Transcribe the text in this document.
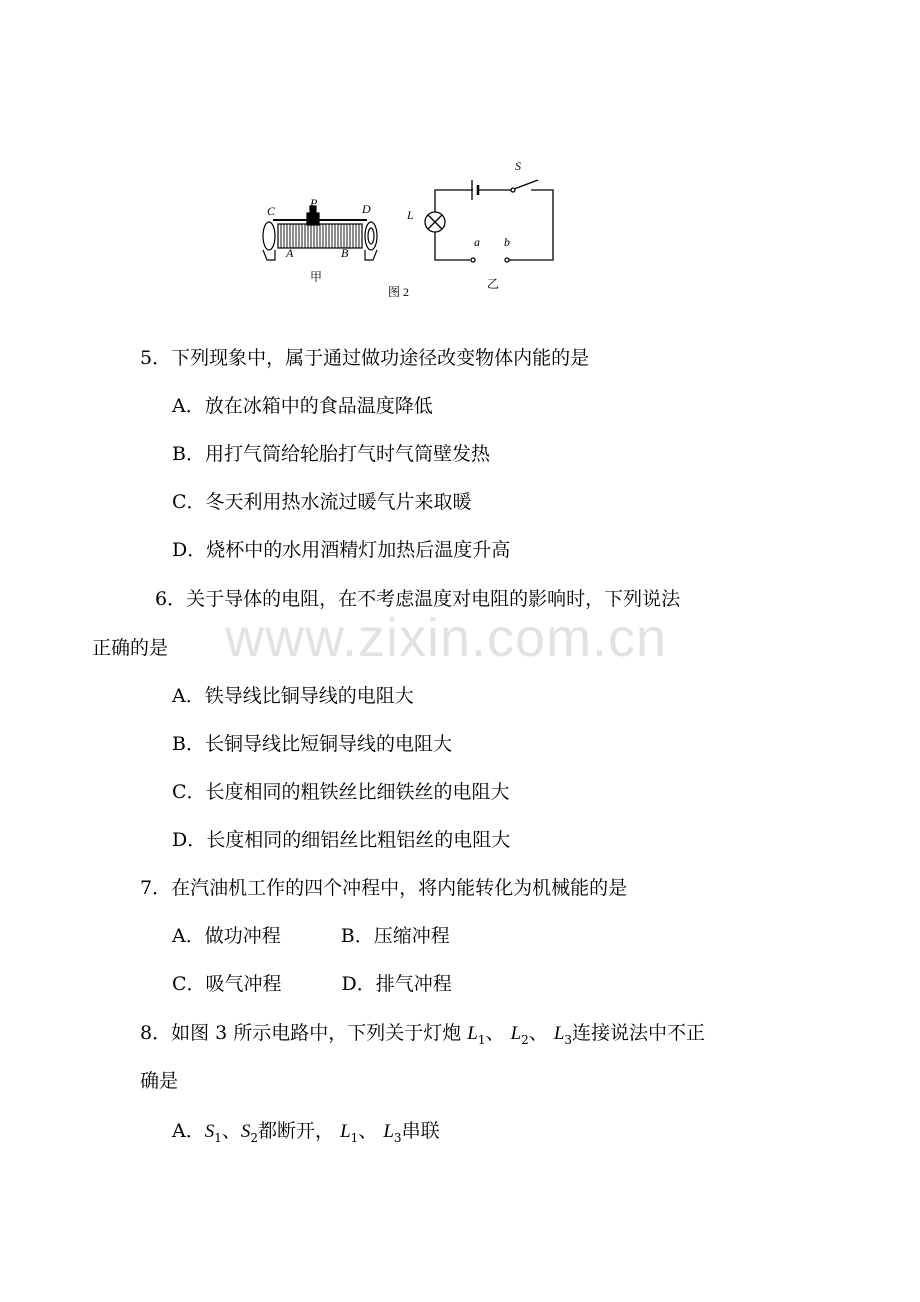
C
P	D
A	B
甲
S
L
a b
乙
图 2
www.zixin.com.cn
5．下列现象中，属于通过做功途径改变物体内能的是
A．放在冰箱中的食品温度降低
B．用打气筒给轮胎打气时气筒壁发热
C．冬天利用热水流过暖气片来取暖
D．烧杯中的水用酒精灯加热后温度升高
6．关于导体的电阻，在不考虑温度对电阻的影响时，下列说法
正确的是
A．铁导线比铜导线的电阻大
B．长铜导线比短铜导线的电阻大
C．长度相同的粗铁丝比细铁丝的电阻大
D．长度相同的细铝丝比粗铝丝的电阻大
7．在汽油机工作的四个冲程中，将内能转化为机械能的是
A．做功冲程	B．压缩冲程
C．吸气冲程	D．排气冲程
8．如图 3 所示电路中，下列关于灯炮 $L_1$、 $L_2$、 $L_3$连接说法中不正
确是
A．$S_1$、$S_2$都断开， $L_1$、 $L_3$串联
